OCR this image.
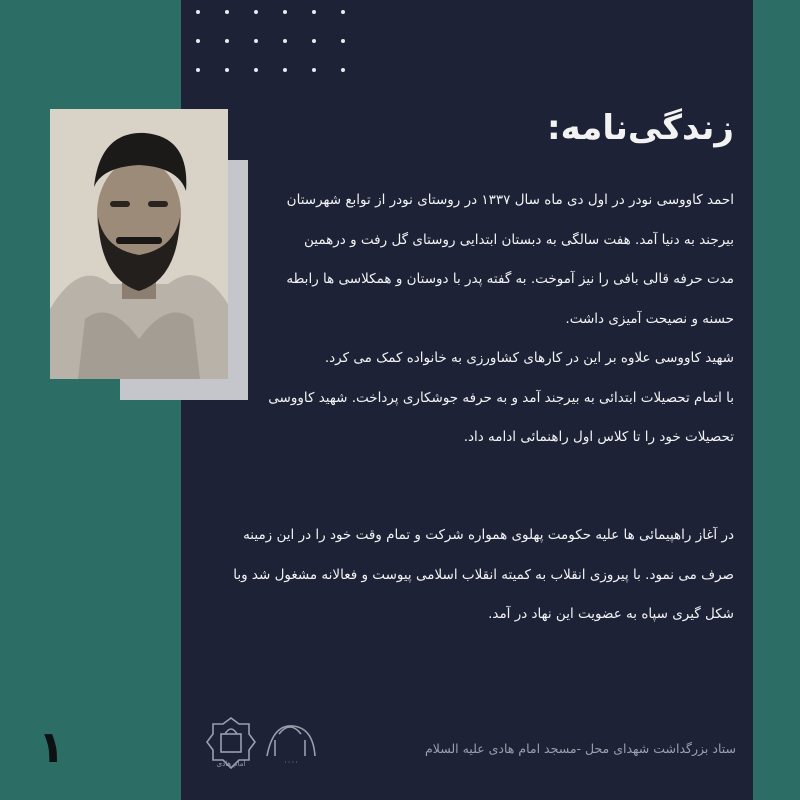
زندگی‌نامه:
احمد کاووسی نودر در اول دی ماه سال ۱۳۳۷ در روستای نودر از توابع شهرستان
بیرجند به دنیا آمد. هفت سالگی به دبستان ابتدایی روستای گل رفت و درهمین
مدت حرفه قالی بافی را نیز آموخت. به گفته پدر با دوستان و همکلاسی ها رابطه
حسنه و نصیحت آمیزی داشت.
شهید کاووسی علاوه بر این در کارهای کشاورزی به خانواده کمک می کرد.
با اتمام تحصیلات ابتدائی به بیرجند آمد و به حرفه جوشکاری پرداخت. شهید کاووسی
تحصیلات خود را تا کلاس اول راهنمائی ادامه داد.
در آغاز راهپیمائی ها علیه حکومت پهلوی همواره شرکت و تمام وقت خود را در این زمینه
صرف می نمود. با پیروزی انقلاب به کمیته انقلاب اسلامی پیوست و فعالانه مشغول شد وبا
شکل گیری سپاه به عضویت این نهاد در آمد.
امام هادی	۰۰۰۰
ستاد بزرگداشت شهدای محل -مسجد امام هادی علیه السلام
۱
